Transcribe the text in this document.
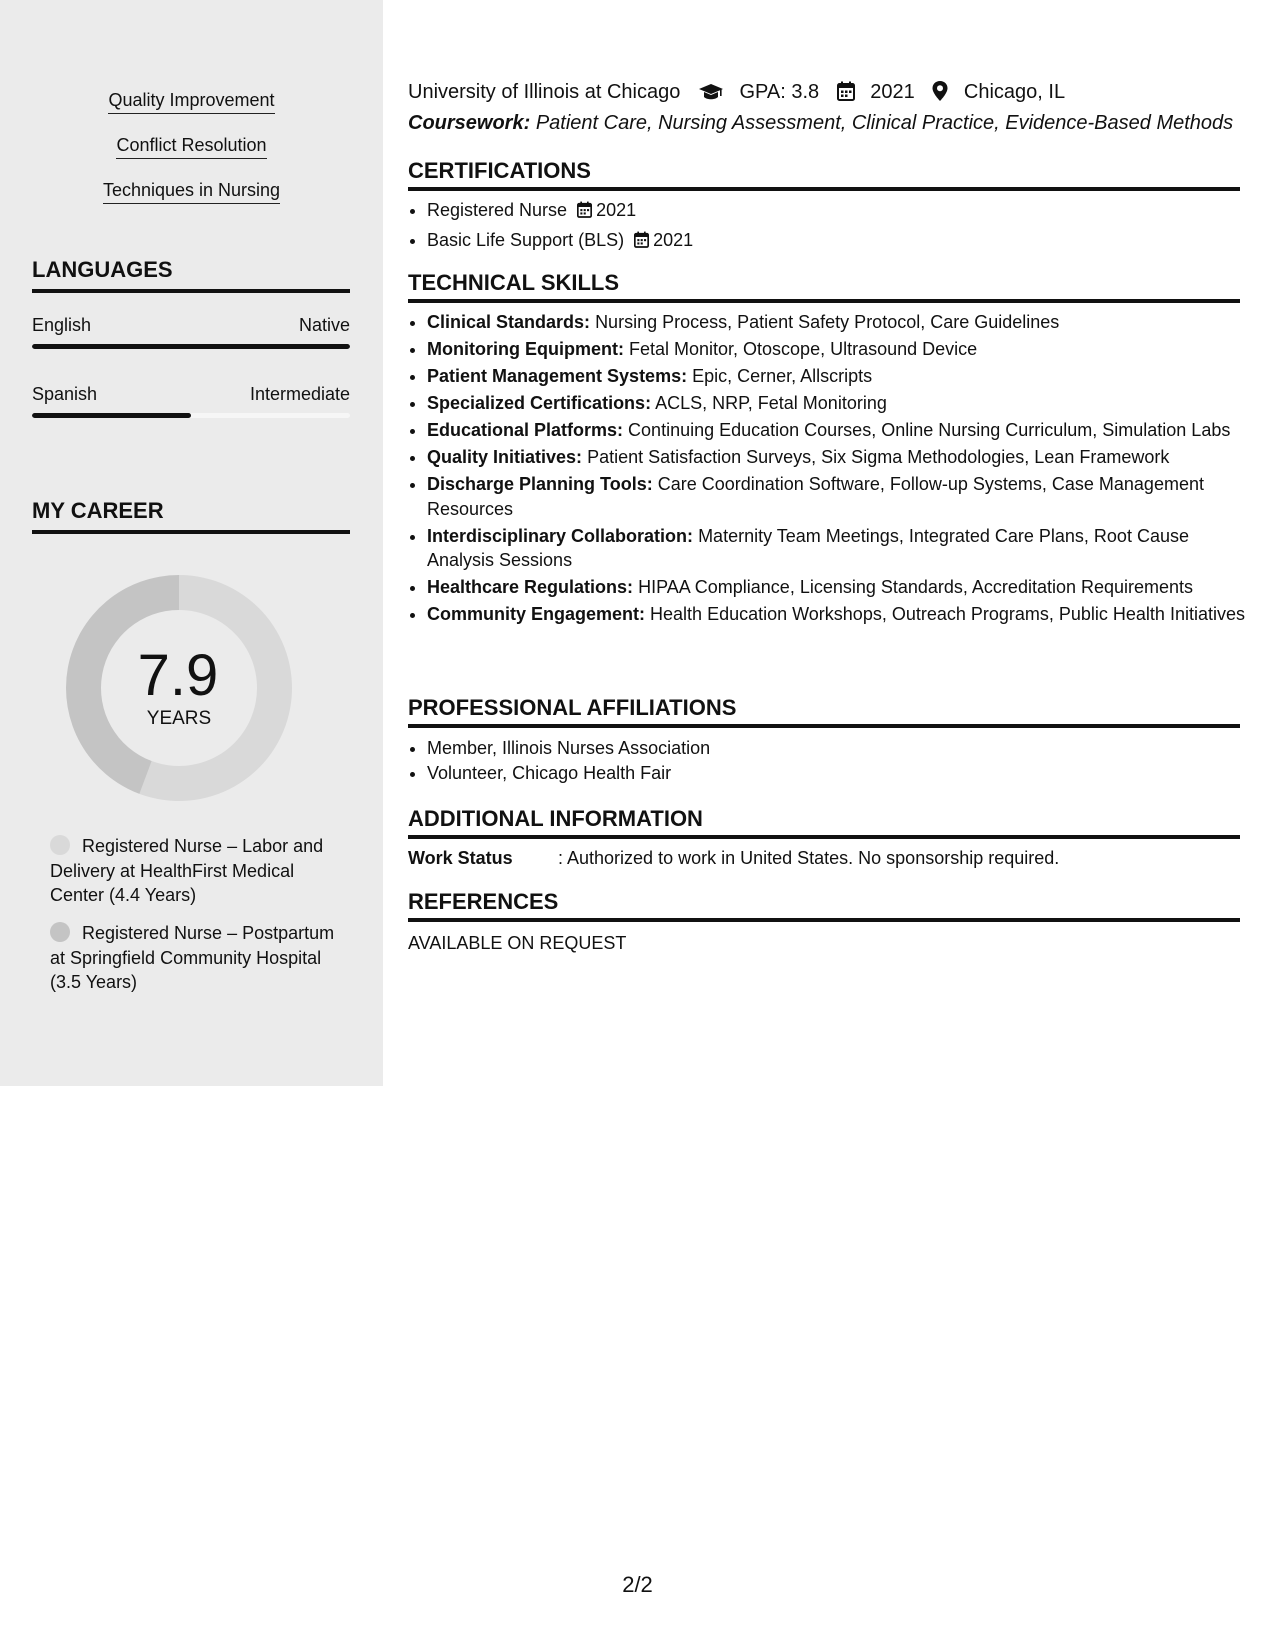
Quality Improvement
Conflict Resolution
Techniques in Nursing
LANGUAGES
English	Native
Spanish	Intermediate
MY CAREER
7.9
YEARS
Registered Nurse – Labor and Delivery at HealthFirst Medical Center (4.4 Years)
Registered Nurse – Postpartum at Springfield Community Hospital (3.5 Years)
University of Illinois at Chicago	GPA: 3.8	2021 Chicago, IL
Coursework: Patient Care, Nursing Assessment, Clinical Practice, Evidence-Based Methods
CERTIFICATIONS
• Registered Nurse 2021
• Basic Life Support (BLS) 2021
TECHNICAL SKILLS
• Clinical Standards: Nursing Process, Patient Safety Protocol, Care Guidelines
• Monitoring Equipment: Fetal Monitor, Otoscope, Ultrasound Device
• Patient Management Systems: Epic, Cerner, Allscripts
• Specialized Certifications: ACLS, NRP, Fetal Monitoring
• Educational Platforms: Continuing Education Courses, Online Nursing Curriculum, Simulation Labs
• Quality Initiatives: Patient Satisfaction Surveys, Six Sigma Methodologies, Lean Framework
• Discharge Planning Tools: Care Coordination Software, Follow-up Systems, Case Management Resources
• Interdisciplinary Collaboration: Maternity Team Meetings, Integrated Care Plans, Root Cause Analysis Sessions
• Healthcare Regulations: HIPAA Compliance, Licensing Standards, Accreditation Requirements
• Community Engagement: Health Education Workshops, Outreach Programs, Public Health Initiatives
PROFESSIONAL AFFILIATIONS
• Member, Illinois Nurses Association
• Volunteer, Chicago Health Fair
ADDITIONAL INFORMATION
Work Status	: Authorized to work in United States. No sponsorship required.
REFERENCES
AVAILABLE ON REQUEST
2/2
